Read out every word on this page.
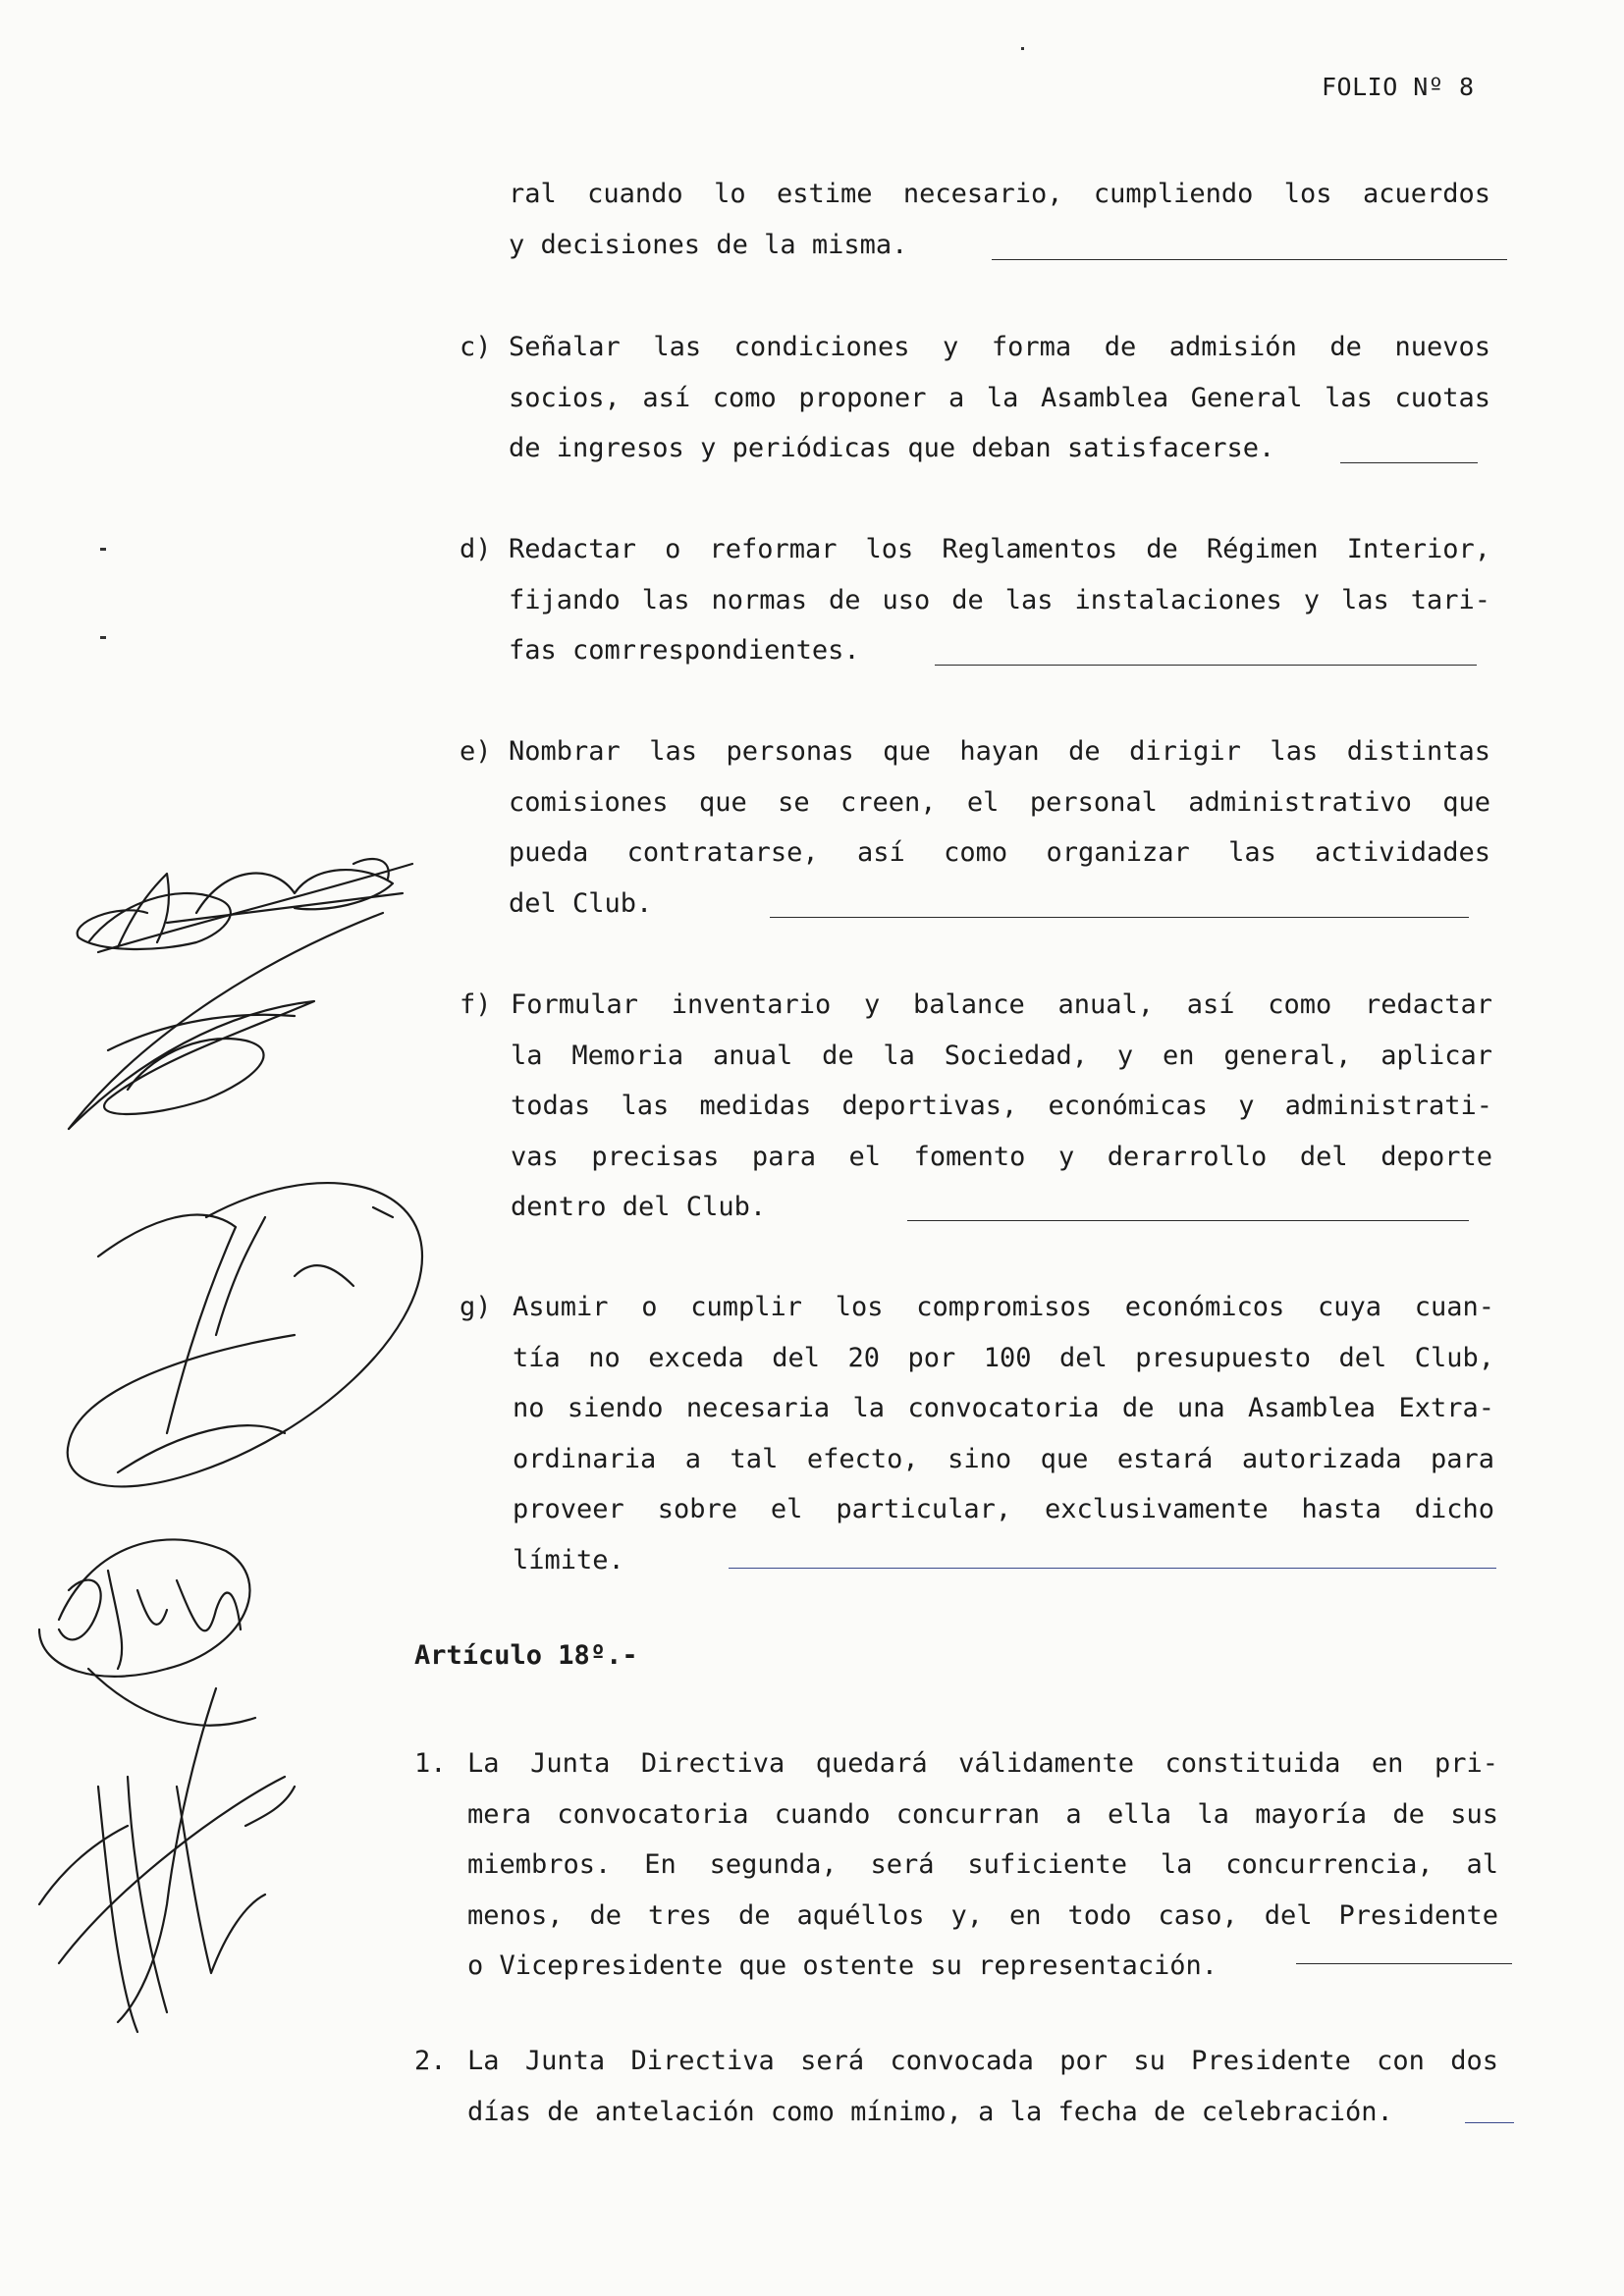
FOLIO Nº 8
ral cuando lo estime necesario, cumpliendo los acuerdos
y decisiones de la misma.
c) Señalar las condiciones y forma de admisión de nuevos
socios, así como proponer a la Asamblea General las cuotas
de ingresos y periódicas que deban satisfacerse.
d) Redactar o reformar los Reglamentos de Régimen Interior,
fijando las normas de uso de las instalaciones y las tari-
fas comrrespondientes.
e) Nombrar las personas que hayan de dirigir las distintas
comisiones que se creen, el personal administrativo que
pueda contratarse, así como organizar las actividades
del Club.
f) Formular inventario y balance anual, así como redactar
la Memoria anual de la Sociedad, y en general, aplicar
todas las medidas deportivas, económicas y administrati-
vas precisas para el fomento y derarrollo del deporte
dentro del Club.
g) Asumir o cumplir los compromisos económicos cuya cuan-
tía no exceda del 20 por 100 del presupuesto del Club,
no siendo necesaria la convocatoria de una Asamblea Extra-
ordinaria a tal efecto, sino que estará autorizada para
proveer sobre el particular, exclusivamente hasta dicho
límite.
Artículo 18º.-
1. La Junta Directiva quedará válidamente constituida en pri-
mera convocatoria cuando concurran a ella la mayoría de sus
miembros. En segunda, será suficiente la concurrencia, al
menos, de tres de aquéllos y, en todo caso, del Presidente
o Vicepresidente que ostente su representación.
2. La Junta Directiva será convocada por su Presidente con dos
días de antelación como mínimo, a la fecha de celebración.
